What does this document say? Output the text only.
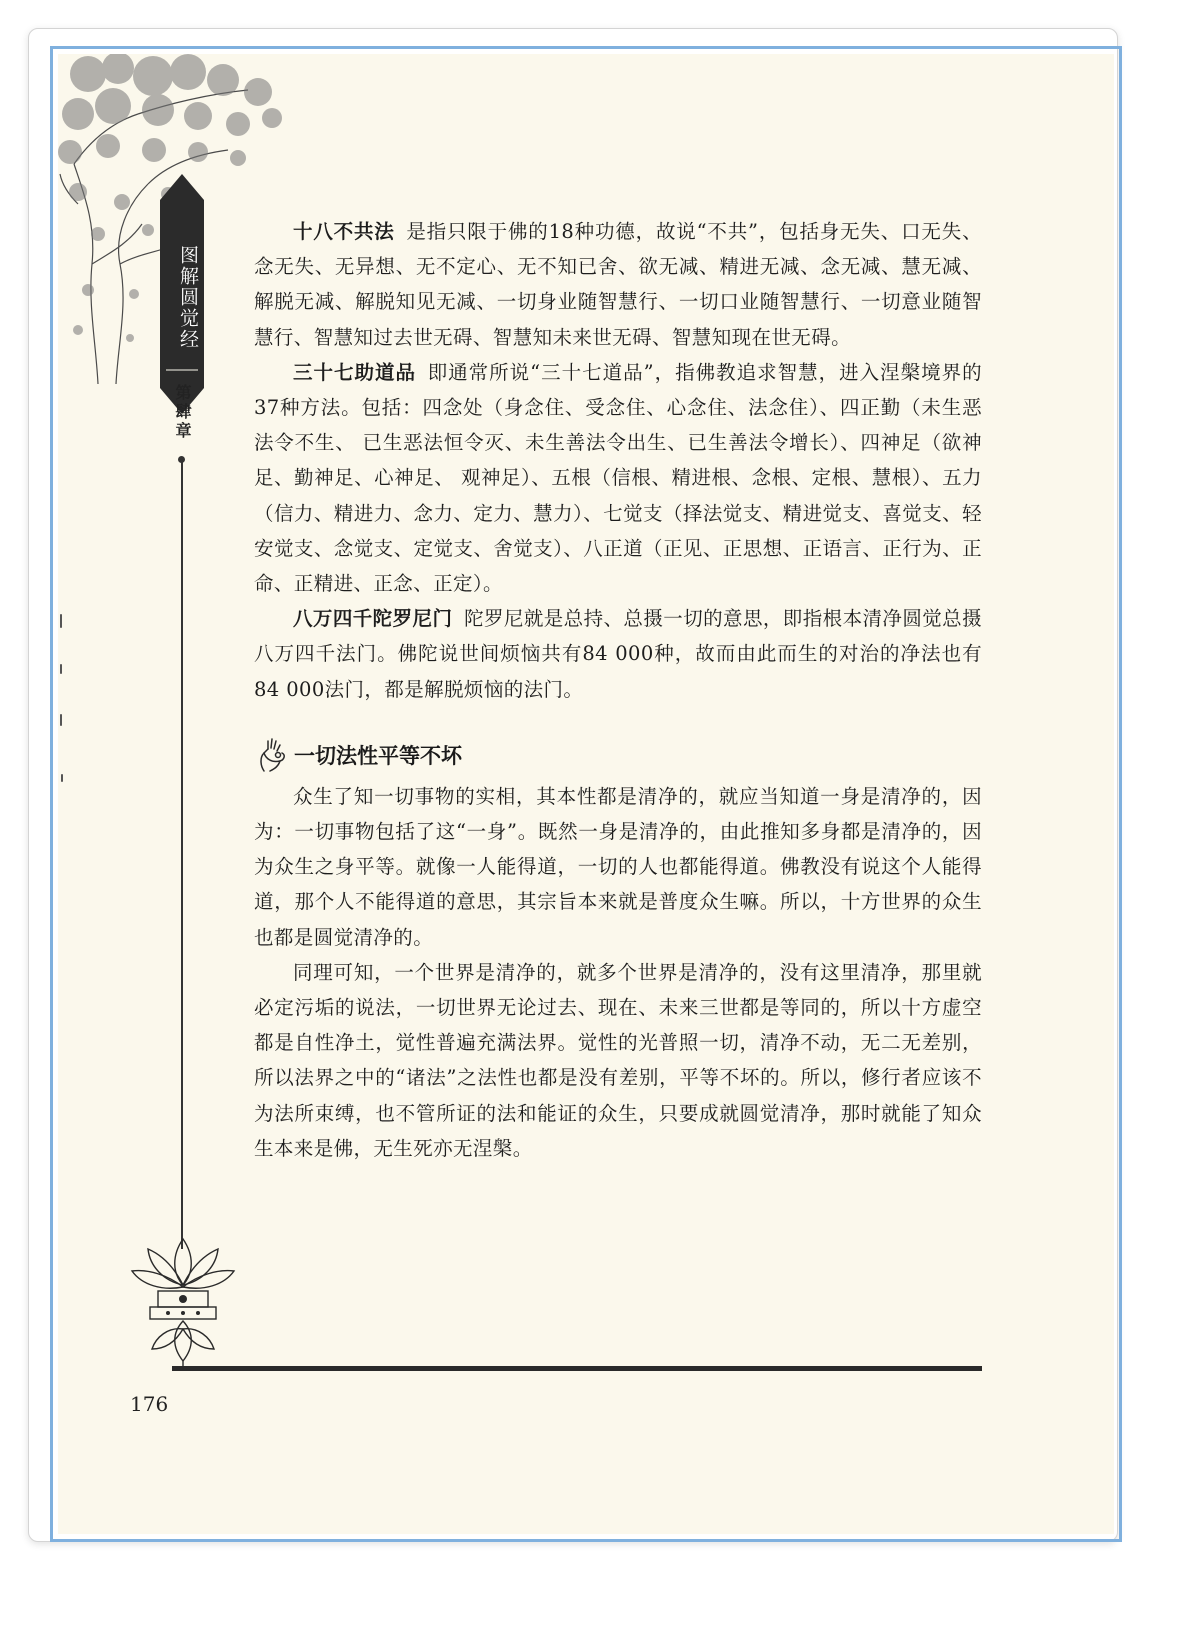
图解圆觉经
第肆章

十八不共法 是指只限于佛的18种功德，故说“不共”，包括身无失、口无失、念无失、无异想、无不定心、无不知已舍、欲无减、精进无减、念无减、慧无减、解脱无减、解脱知见无减、一切身业随智慧行、一切口业随智慧行、一切意业随智慧行、智慧知过去世无碍、智慧知未来世无碍、智慧知现在世无碍。

三十七助道品 即通常所说“三十七道品”，指佛教追求智慧，进入涅槃境界的37种方法。包括：四念处（身念住、受念住、心念住、法念住）、四正勤（未生恶法令不生、 已生恶法恒令灭、未生善法令出生、已生善法令增长）、四神足（欲神足、勤神足、心神足、 观神足）、五根（信根、精进根、念根、定根、慧根）、五力（信力、精进力、念力、定力、慧力）、七觉支（择法觉支、精进觉支、喜觉支、轻安觉支、念觉支、定觉支、舍觉支）、八正道（正见、正思想、正语言、正行为、正命、正精进、正念、正定）。

八万四千陀罗尼门 陀罗尼就是总持、总摄一切的意思，即指根本清净圆觉总摄八万四千法门。佛陀说世间烦恼共有84 000种，故而由此而生的对治的净法也有84 000法门，都是解脱烦恼的法门。

一切法性平等不坏

众生了知一切事物的实相，其本性都是清净的，就应当知道一身是清净的，因为：一切事物包括了这“一身”。既然一身是清净的，由此推知多身都是清净的，因为众生之身平等。就像一人能得道，一切的人也都能得道。佛教没有说这个人能得道，那个人不能得道的意思，其宗旨本来就是普度众生嘛。所以，十方世界的众生也都是圆觉清净的。

同理可知，一个世界是清净的，就多个世界是清净的，没有这里清净，那里就必定污垢的说法，一切世界无论过去、现在、未来三世都是等同的，所以十方虚空都是自性净土，觉性普遍充满法界。觉性的光普照一切，清净不动，无二无差别，所以法界之中的“诸法”之法性也都是没有差别，平等不坏的。所以，修行者应该不为法所束缚，也不管所证的法和能证的众生，只要成就圆觉清净，那时就能了知众生本来是佛，无生死亦无涅槃。

176
